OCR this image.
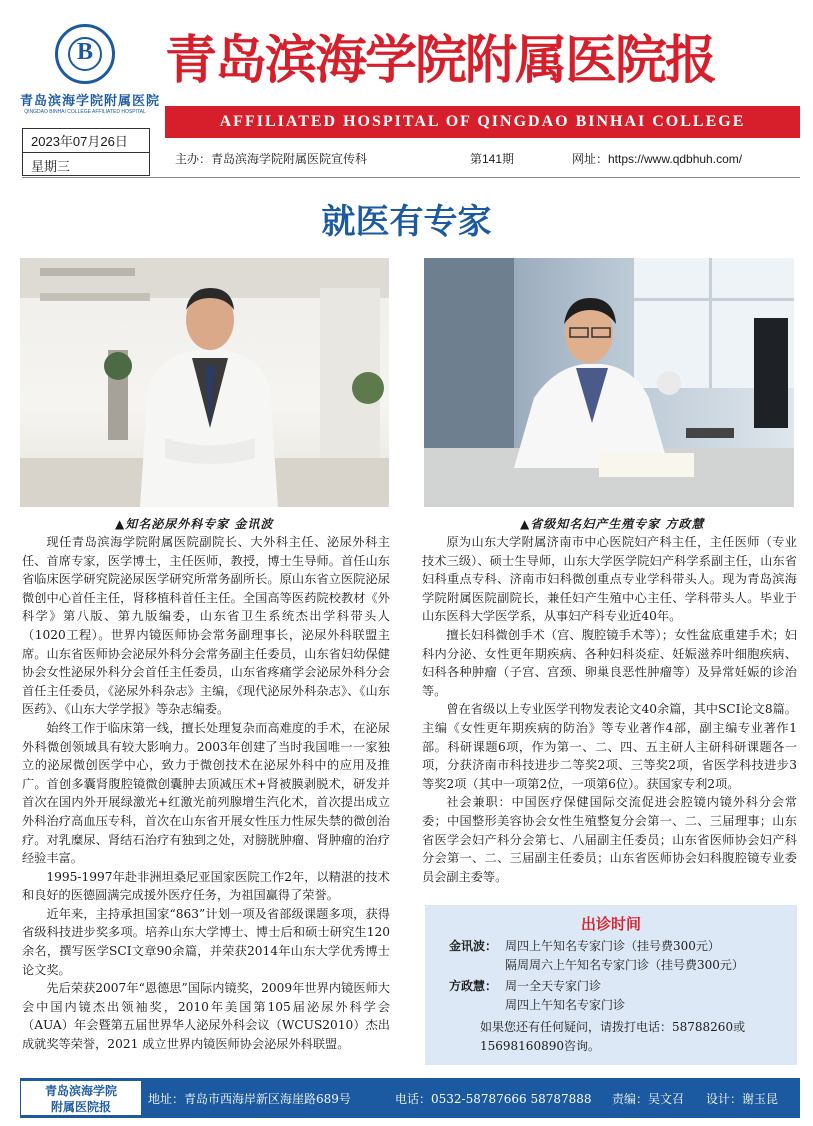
B
青岛滨海学院附属医院
QINGDAO BINHAI COLLEGE AFFILIATED HOSPITAL
青岛滨海学院附属医院报
AFFILIATED HOSPITAL OF QINGDAO BINHAI COLLEGE
2023年07月26日
星期三	主办：青岛滨海学院附属医院宣传科	第141期	网址：https://www.qdbhuh.com/
就医有专家
▲知名泌尿外科专家 金讯波	▲省级知名妇产生殖专家 方政慧

现任青岛滨海学院附属医院副院长、大外科主任、泌尿外科主任、首席专家，医学博士，主任医师，教授，博士生导师。首任山东省临床医学研究院泌尿医学研究所常务副所长。原山东省立医院泌尿微创中心首任主任，肾移植科首任主任。全国高等医药院校教材《外科学》第八版、第九版编委，山东省卫生系统杰出学科带头人（1020工程）。世界内镜医师协会常务副理事长，泌尿外科联盟主席。山东省医师协会泌尿外科分会常务副主任委员，山东省妇幼保健协会女性泌尿外科分会首任主任委员，山东省疼痛学会泌尿外科分会首任主任委员，《泌尿外科杂志》主编，《现代泌尿外科杂志》、《山东医药》、《山东大学学报》等杂志编委。

始终工作于临床第一线，擅长处理复杂而高难度的手术，在泌尿外科微创领域具有较大影响力。2003年创建了当时我国唯一一家独立的泌尿微创医学中心，致力于微创技术在泌尿外科中的应用及推广。首创多囊肾腹腔镜微创囊肿去顶减压术+肾被膜剥脱术，研发并首次在国内外开展绿激光+红激光前列腺增生汽化术，首次提出成立外科治疗高血压专科，首次在山东省开展女性压力性尿失禁的微创治疗。对乳糜尿、肾结石治疗有独到之处，对膀胱肿瘤、肾肿瘤的治疗经验丰富。

1995-1997年赴非洲坦桑尼亚国家医院工作2年，以精湛的技术和良好的医德圆满完成援外医疗任务，为祖国赢得了荣誉。

近年来，主持承担国家“863”计划一项及省部级课题多项，获得省级科技进步奖多项。培养山东大学博士、博士后和硕士研究生120余名，撰写医学SCI文章90余篇，并荣获2014年山东大学优秀博士论文奖。

先后荣获2007年“恩德思”国际内镜奖，2009年世界内镜医师大会中国内镜杰出领袖奖，2010年美国第105届泌尿外科学会（AUA）年会暨第五届世界华人泌尿外科会议（WCUS2010）杰出成就奖等荣誉，2021 成立世界内镜医师协会泌尿外科联盟。

原为山东大学附属济南市中心医院妇产科主任，主任医师（专业技术三级）、硕士生导师，山东大学医学院妇产科学系副主任，山东省妇科重点专科、济南市妇科微创重点专业学科带头人。现为青岛滨海学院附属医院副院长，兼任妇产生殖中心主任、学科带头人。毕业于山东医科大学医学系，从事妇产科专业近40年。

擅长妇科微创手术（宫、腹腔镜手术等）；女性盆底重建手术；妇科内分泌、女性更年期疾病、各种妇科炎症、妊娠滋养叶细胞疾病、妇科各种肿瘤（子宫、宫颈、卵巢良恶性肿瘤等）及异常妊娠的诊治等。

曾在省级以上专业医学刊物发表论文40余篇，其中SCI论文8篇。主编《女性更年期疾病的防治》等专业著作4部，副主编专业著作1部。科研课题6项，作为第一、二、四、五主研人主研科研课题各一项，分获济南市科技进步二等奖2项、三等奖2项，省医学科技进步3等奖2项（其中一项第2位，一项第6位）。获国家专利2项。

社会兼职：中国医疗保健国际交流促进会腔镜内镜外科分会常委；中国整形美容协会女性生殖整复分会第一、二、三届理事；山东省医学会妇产科分会第七、八届副主任委员；山东省医师协会妇产科分会第一、二、三届副主任委员；山东省医师协会妇科腹腔镜专业委员会副主委等。

出诊时间
金讯波： 周四上午知名专家门诊（挂号费300元）
隔周周六上午知名专家门诊（挂号费300元）
方政慧： 周一全天专家门诊
周四上午知名专家门诊
如果您还有任何疑问，请拨打电话：58788260或15698160890咨询。
青岛滨海学院
附属医院报
地址：青岛市西海岸新区海崖路689号	电话：0532-58787666 58787888 责编：吴文召 设计：谢玉昆
